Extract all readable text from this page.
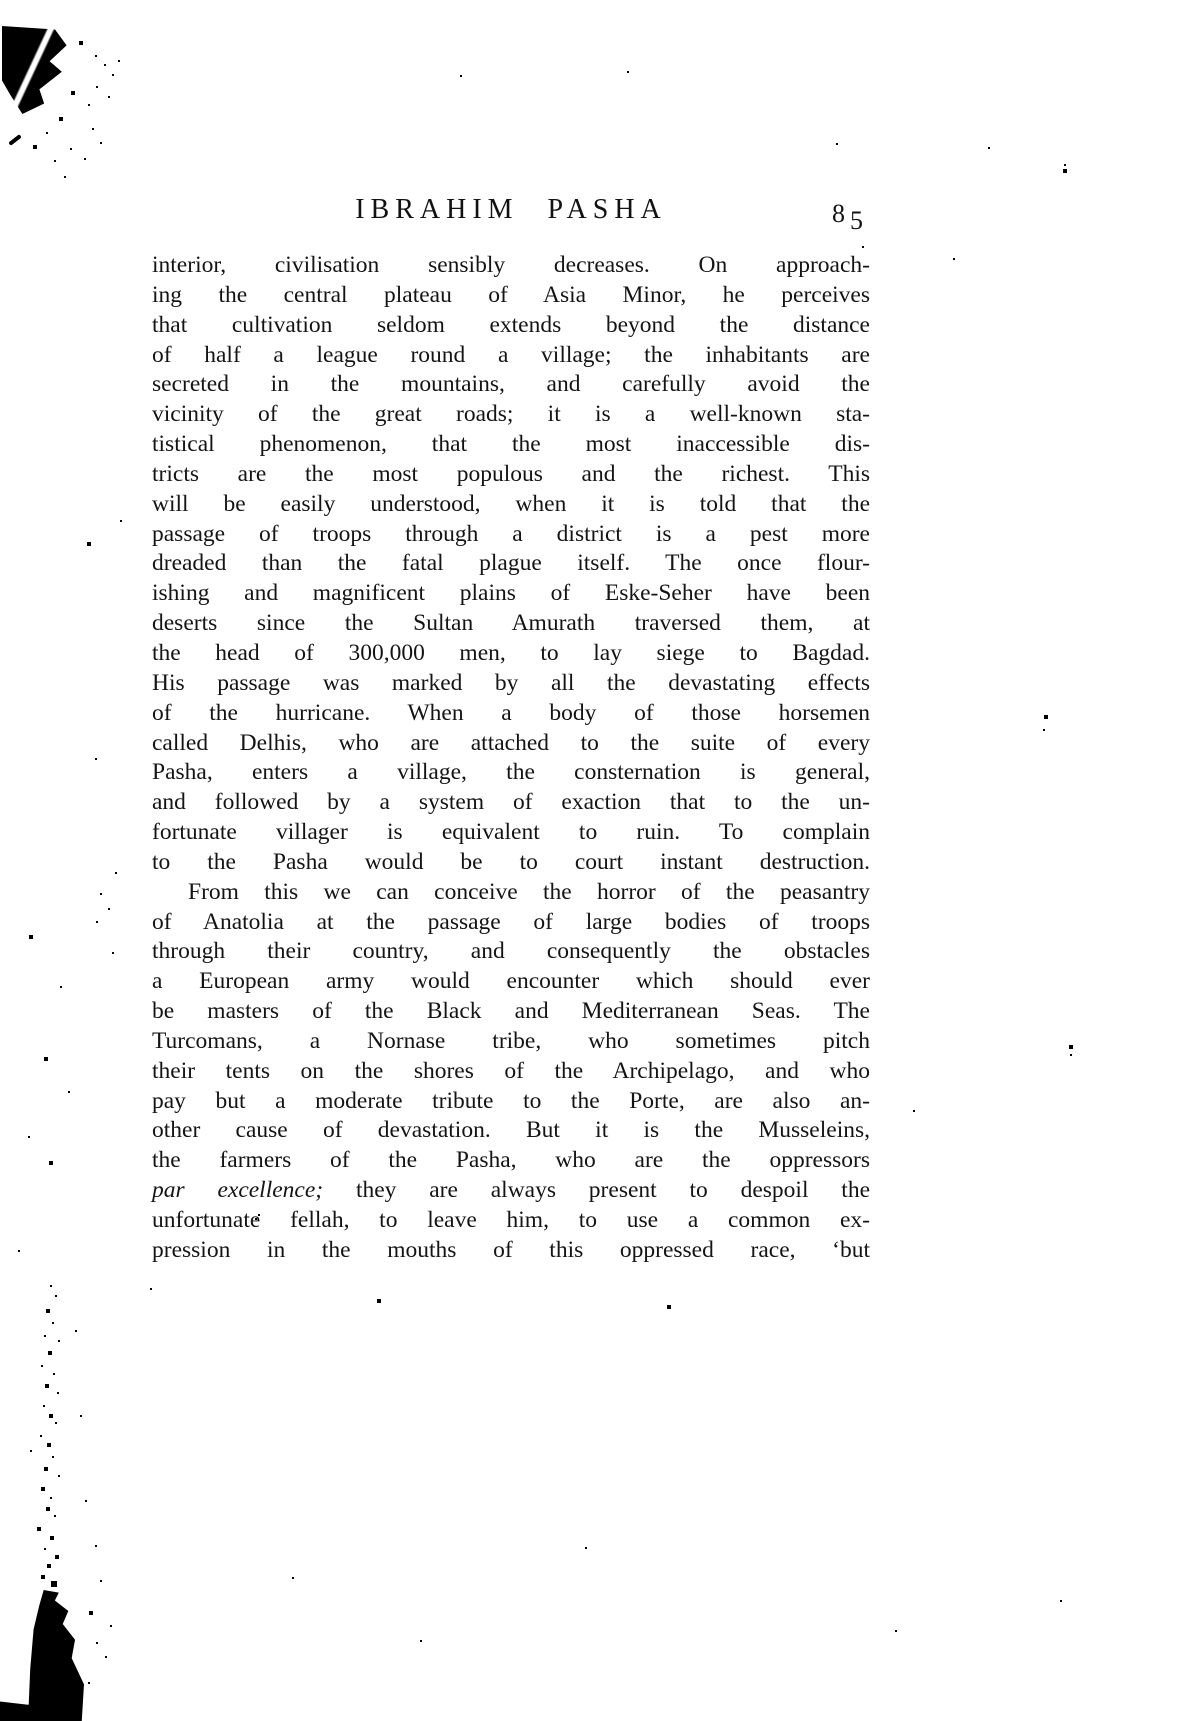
IBRAHIM PASHA	85
interior, civilisation sensibly decreases. On approach-
ing the central plateau of Asia Minor, he perceives
that cultivation seldom extends beyond the distance
of half a league round a village; the inhabitants are
secreted in the mountains, and carefully avoid the
vicinity of the great roads; it is a well-known sta-
tistical phenomenon, that the most inaccessible dis-
tricts are the most populous and the richest. This
will be easily understood, when it is told that the
passage of troops through a district is a pest more
dreaded than the fatal plague itself. The once flour-
ishing and magnificent plains of Eske-Seher have been
deserts since the Sultan Amurath traversed them, at
the head of 300,000 men, to lay siege to Bagdad.
His passage was marked by all the devastating effects
of the hurricane. When a body of those horsemen
called Delhis, who are attached to the suite of every
Pasha, enters a village, the consternation is general,
and followed by a system of exaction that to the un-
fortunate villager is equivalent to ruin. To complain
to the Pasha would be to court instant destruction.
From this we can conceive the horror of the peasantry
of Anatolia at the passage of large bodies of troops
through their country, and consequently the obstacles
a European army would encounter which should ever
be masters of the Black and Mediterranean Seas. The
Turcomans, a Nornase tribe, who sometimes pitch
their tents on the shores of the Archipelago, and who
pay but a moderate tribute to the Porte, are also an-
other cause of devastation. But it is the Musseleins,
the farmers of the Pasha, who are the oppressors
par excellence; they are always present to despoil the
unfortunate fellah, to leave him, to use a common ex-
pression in the mouths of this oppressed race, ‘but
